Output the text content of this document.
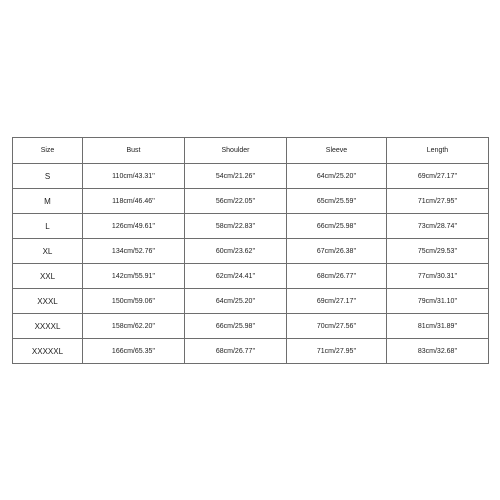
Size	Bust	Shoulder	Sleeve	Length
S	110cm/43.31''	54cm/21.26''	64cm/25.20''	69cm/27.17''
M	118cm/46.46''	56cm/22.05''	65cm/25.59''	71cm/27.95''
L	126cm/49.61''	58cm/22.83''	66cm/25.98''	73cm/28.74''
XL	134cm/52.76''	60cm/23.62''	67cm/26.38''	75cm/29.53''
XXL	142cm/55.91''	62cm/24.41''	68cm/26.77''	77cm/30.31''
XXXL	150cm/59.06''	64cm/25.20''	69cm/27.17''	79cm/31.10''
XXXXL	158cm/62.20''	66cm/25.98''	70cm/27.56''	81cm/31.89''
XXXXXL	166cm/65.35''	68cm/26.77''	71cm/27.95''	83cm/32.68''
